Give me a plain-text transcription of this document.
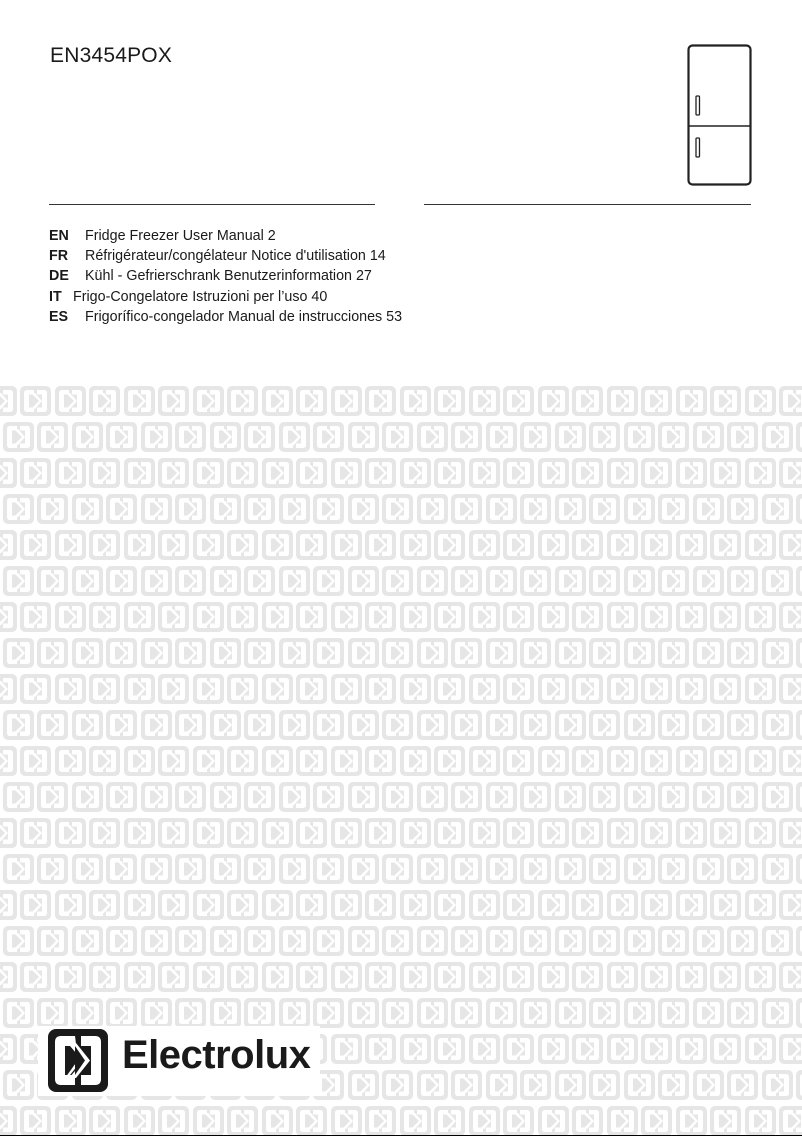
EN3454POX
EN Fridge Freezer User Manual 2
FR Réfrigérateur/congélateur Notice d'utilisation 14
DE Kühl - Gefrierschrank Benutzerinformation 27
IT Frigo-Congelatore Istruzioni per l’uso 40
ES Frigorífico-congelador Manual de instrucciones 53
Electrolux
